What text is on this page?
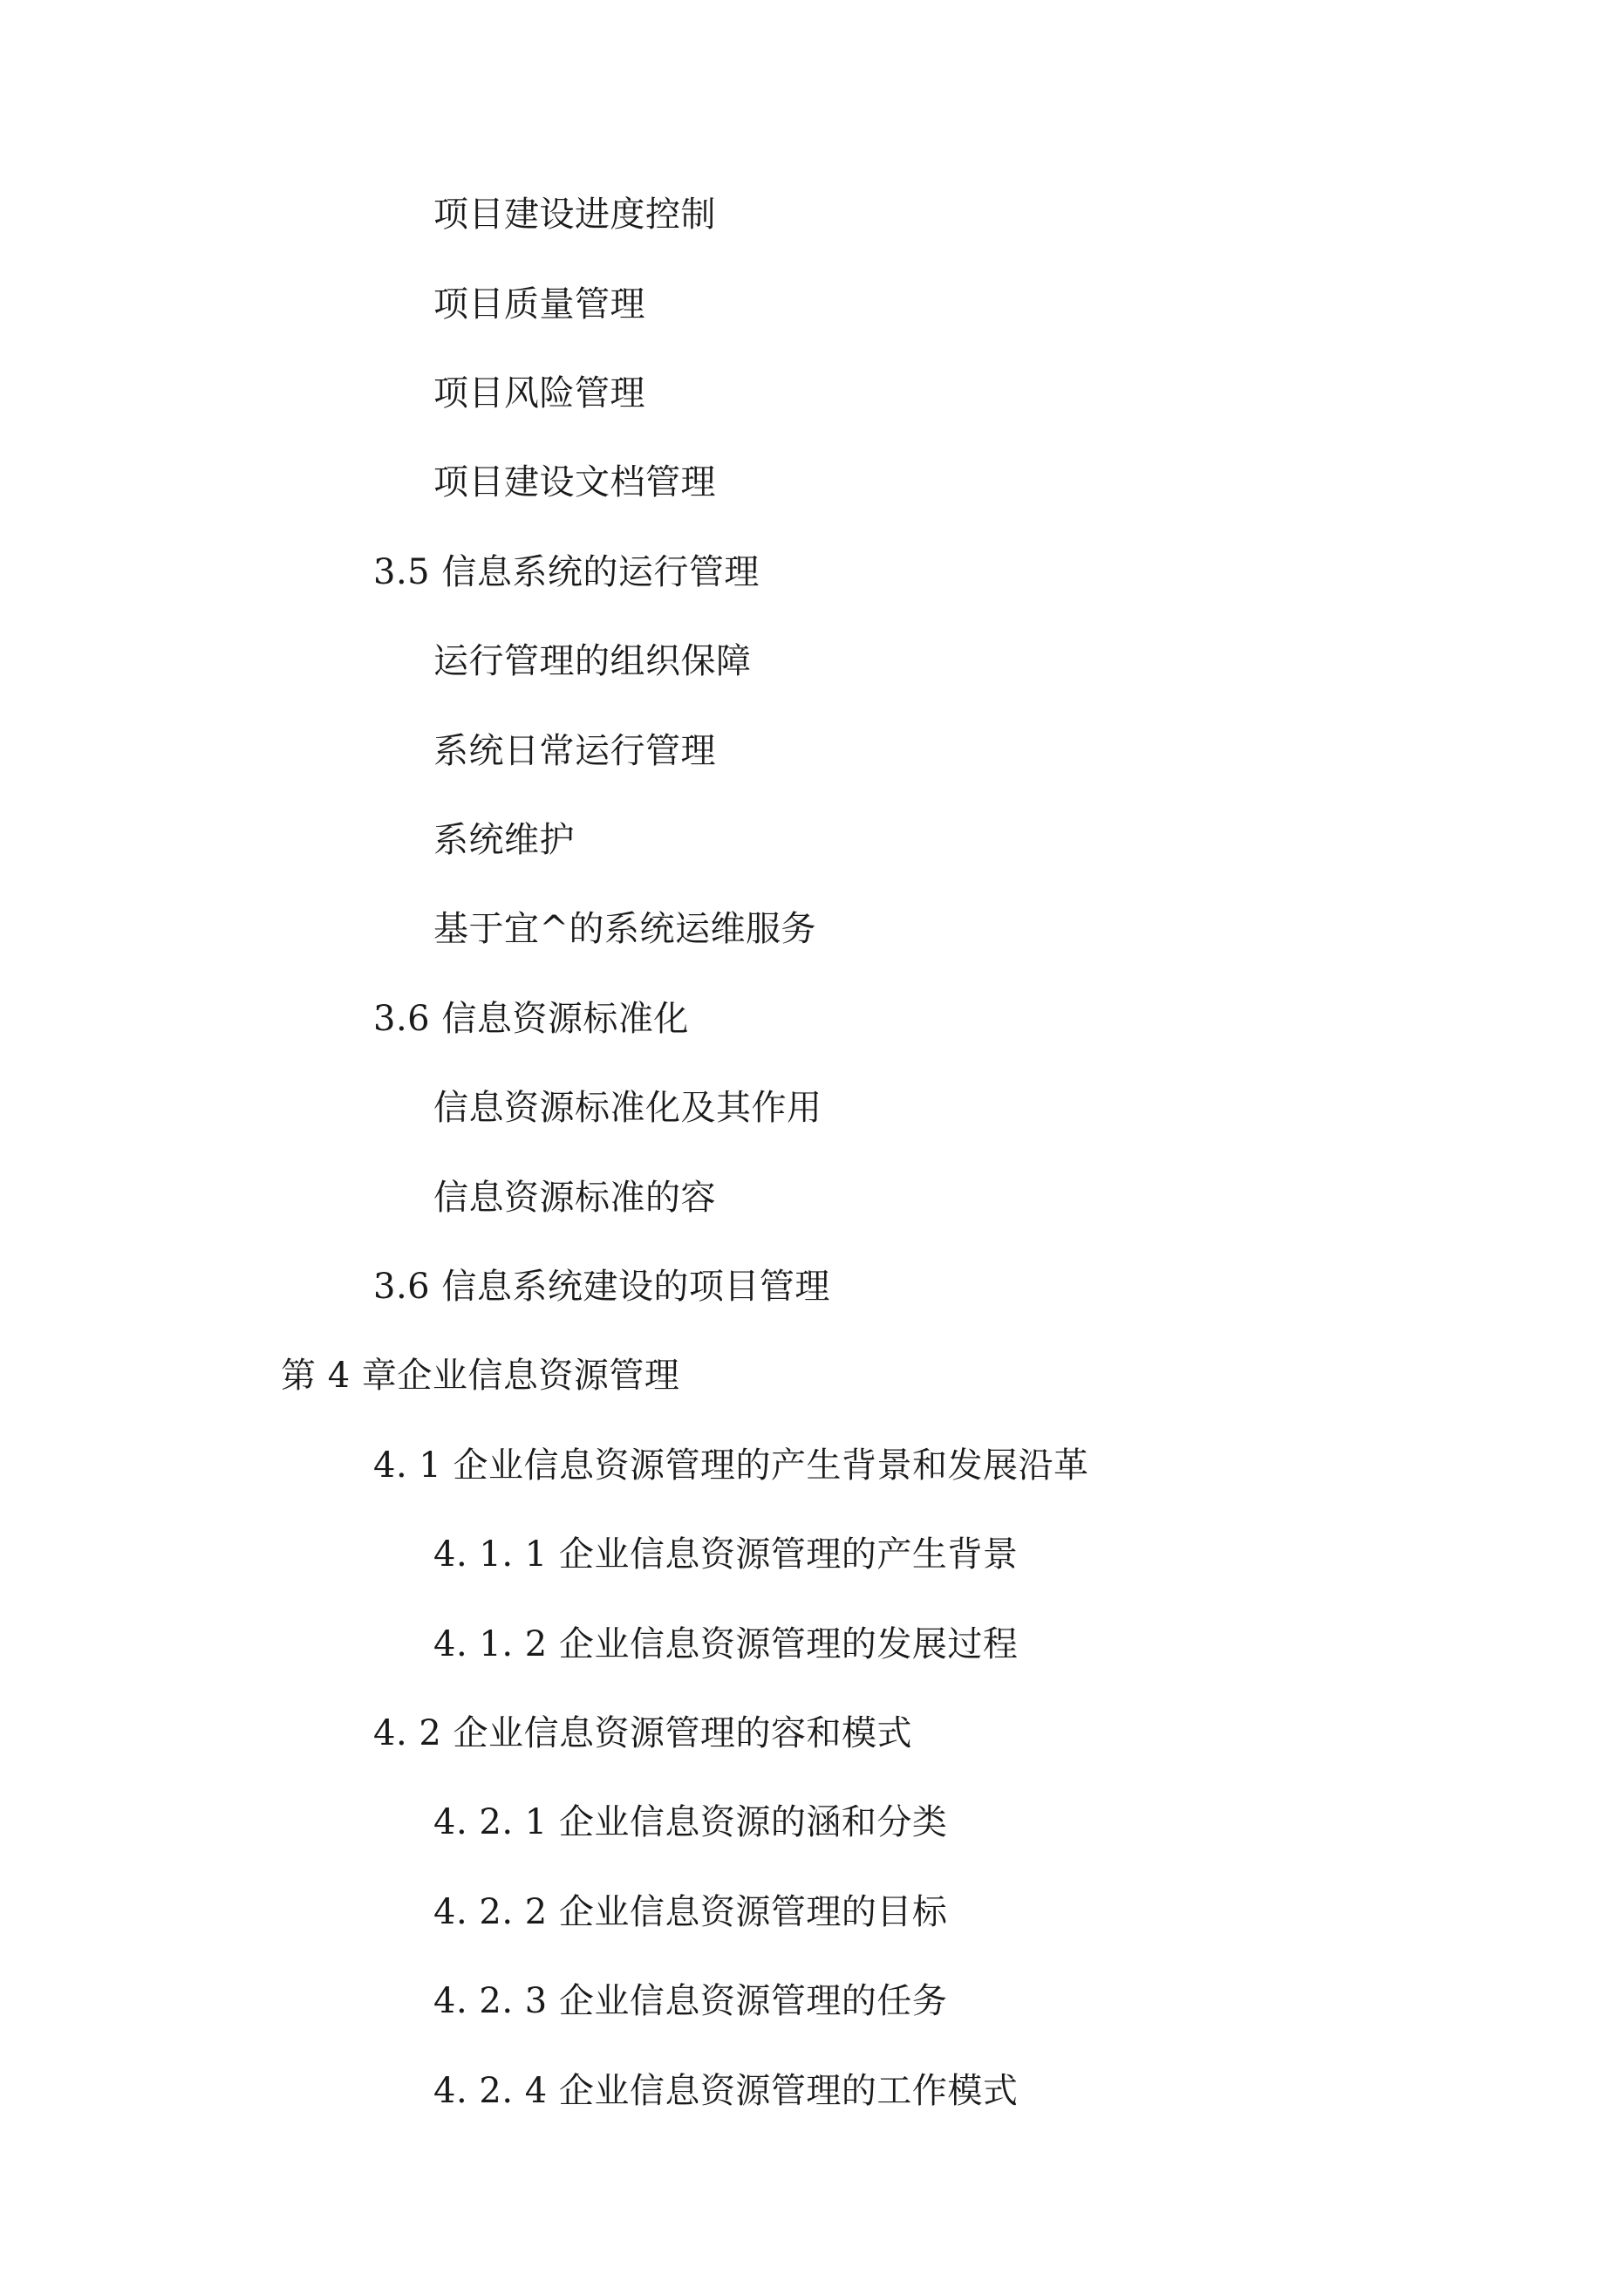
项目建设进度控制
项目质量管理
项目风险管理
项目建设文档管理
3.5 信息系统的运行管理
运行管理的组织保障
系统日常运行管理
系统维护
基于宜^的系统运维服务
3.6 信息资源标准化
信息资源标准化及其作用
信息资源标准的容
3.6 信息系统建设的项目管理
第 4 章企业信息资源管理
4. 1 企业信息资源管理的产生背景和发展沿革
4. 1. 1 企业信息资源管理的产生背景
4. 1. 2 企业信息资源管理的发展过程
4. 2 企业信息资源管理的容和模式
4. 2. 1 企业信息资源的涵和分类
4. 2. 2 企业信息资源管理的目标
4. 2. 3 企业信息资源管理的任务
4. 2. 4 企业信息资源管理的工作模式
